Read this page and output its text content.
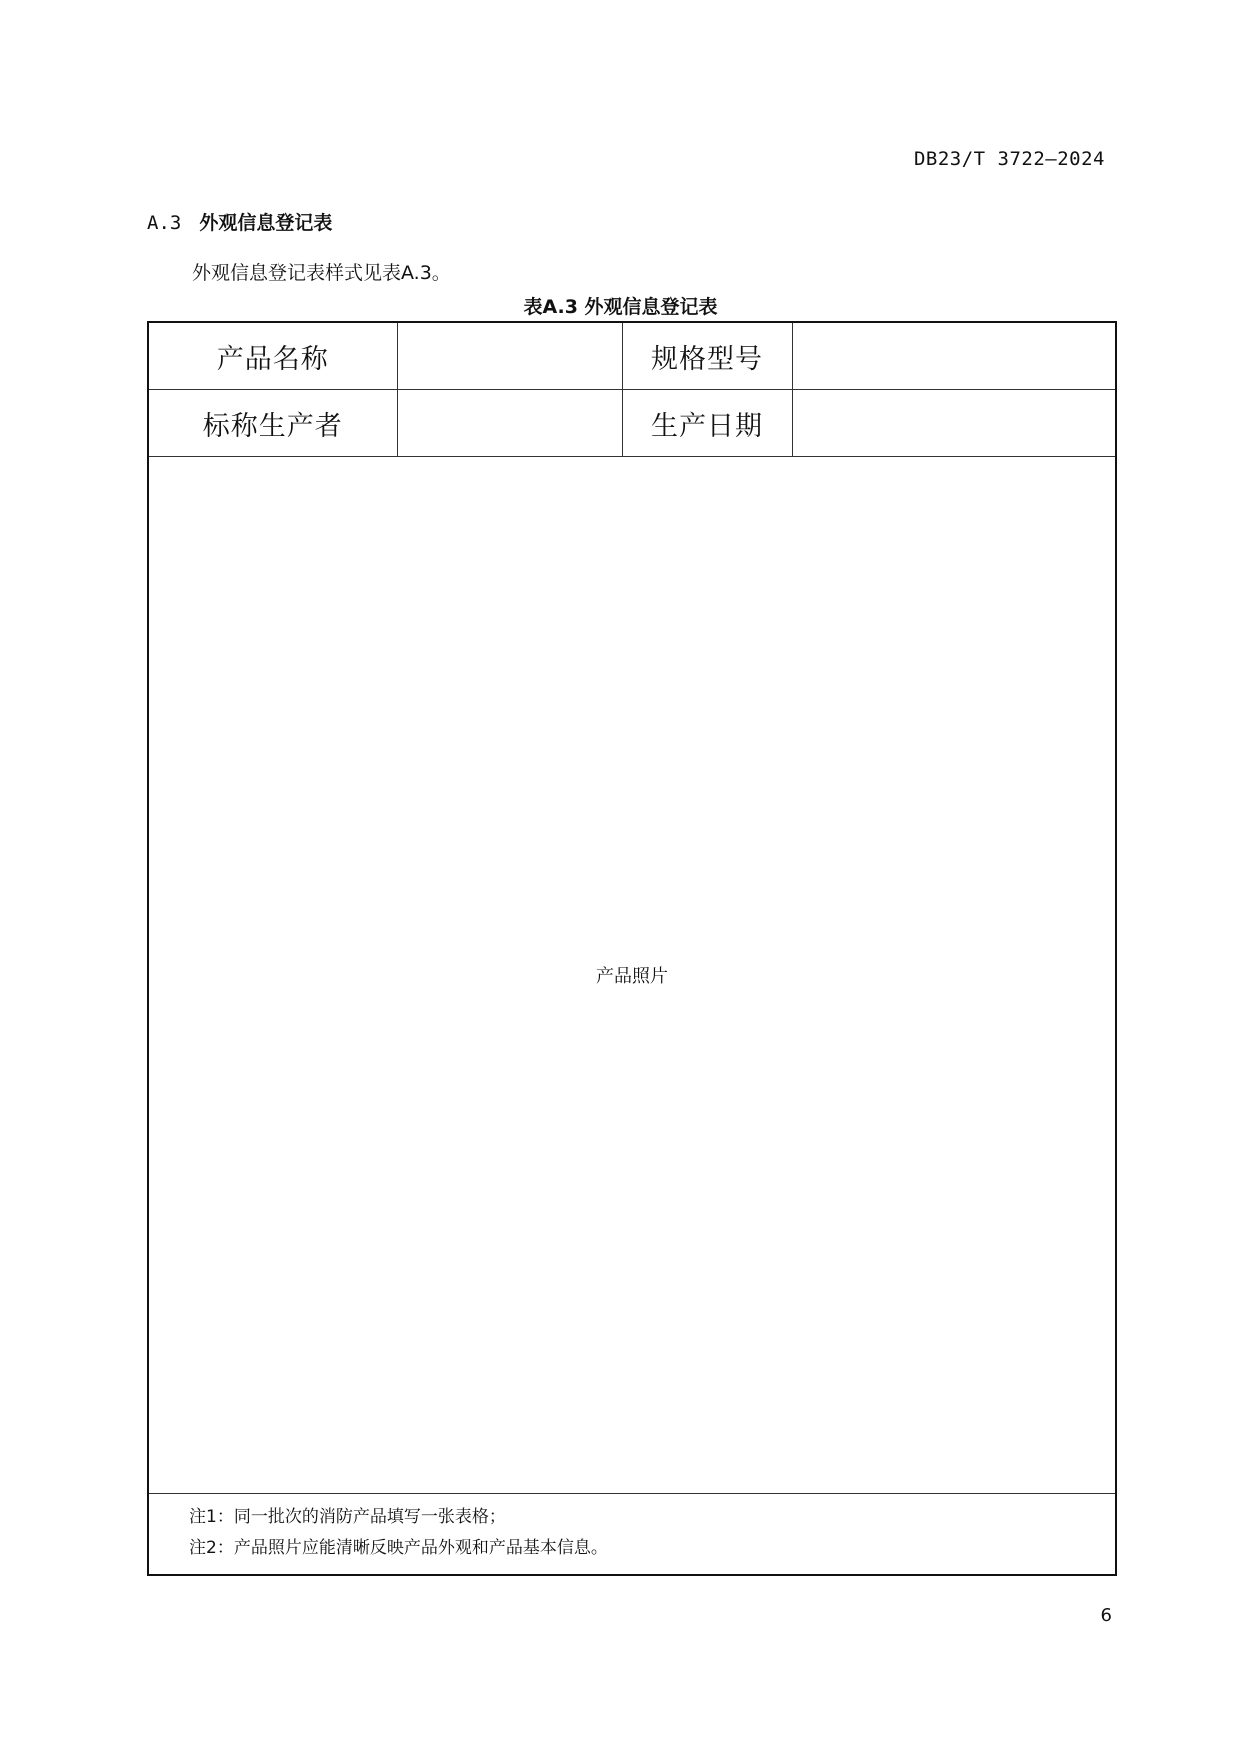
DB23/T 3722—2024
A.3 外观信息登记表
外观信息登记表样式见表A.3。
表A.3 外观信息登记表
产品名称		规格型号	
标称生产者		生产日期	
产品照片			

注1：同一批次的消防产品填写一张表格；
注2：产品照片应能清晰反映产品外观和产品基本信息。			
6
